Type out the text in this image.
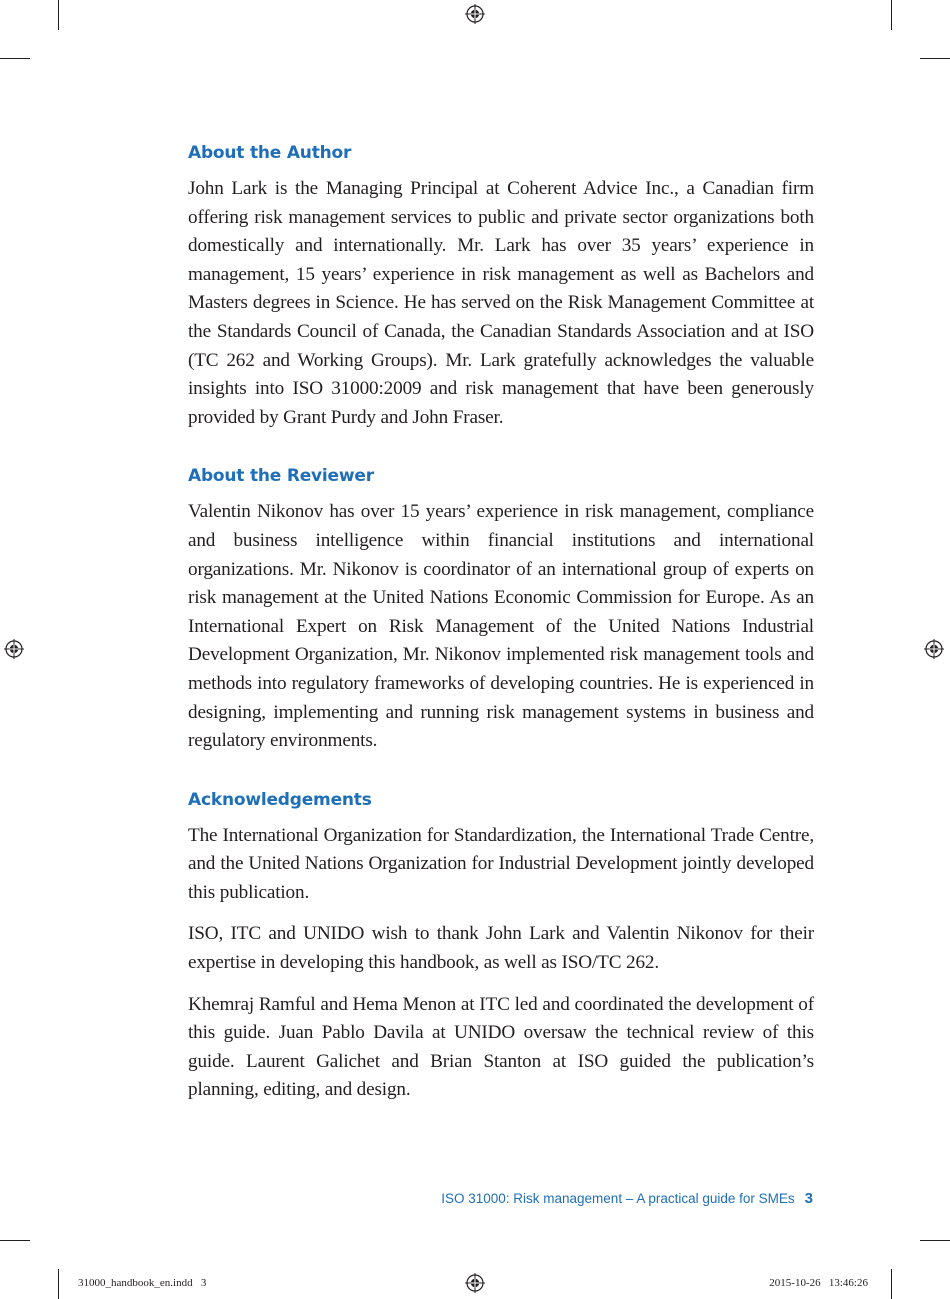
About the Author

John Lark is the Managing Principal at Coherent Advice Inc., a Canadian firm offering risk management services to public and private sector organizations both domestically and internationally. Mr. Lark has over 35 years’ experience in management, 15 years’ experience in risk management as well as Bachelors and Masters degrees in Science. He has served on the Risk Management Committee at the Standards Council of Canada, the Canadian Standards Association and at ISO (TC 262 and Working Groups). Mr. Lark gratefully acknowledges the valuable insights into ISO 31000:2009 and risk management that have been generously provided by Grant Purdy and John Fraser.

About the Reviewer

Valentin Nikonov has over 15 years’ experience in risk management, compliance and business intelligence within financial institutions and international organizations. Mr. Nikonov is coordinator of an international group of experts on risk management at the United Nations Economic Commission for Europe. As an International Expert on Risk Management of the United Nations Industrial Development Organization, Mr. Nikonov implemented risk management tools and methods into regulatory frameworks of developing countries. He is experienced in designing, implementing and running risk management systems in business and regulatory environments.

Acknowledgements

The International Organization for Standardization, the International Trade Centre, and the United Nations Organization for Industrial Development jointly developed this publication.

ISO, ITC and UNIDO wish to thank John Lark and Valentin Nikonov for their expertise in developing this handbook, as well as ISO/TC 262.

Khemraj Ramful and Hema Menon at ITC led and coordinated the development of this guide. Juan Pablo Davila at UNIDO oversaw the technical review of this guide. Laurent Galichet and Brian Stanton at ISO guided the publication’s planning, editing, and design.

ISO 31000: Risk management – A practical guide for SMEs 3
31000_handbook_en.indd   3	2015-10-26   13:46:26
